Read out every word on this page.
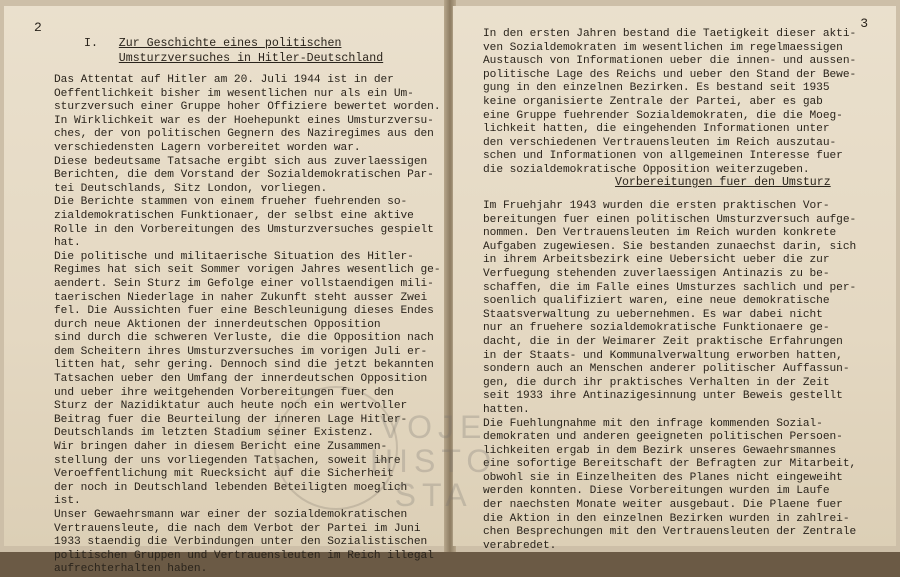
2
I. Zur Geschichte eines politischen
Umsturzversuches in Hitler-Deutschland
Das Attentat auf Hitler am 20. Juli 1944 ist in der
Oeffentlichkeit bisher im wesentlichen nur als ein Um-
sturzversuch einer Gruppe hoher Offiziere bewertet worden.
In Wirklichkeit war es der Hoehepunkt eines Umsturzversu-
ches, der von politischen Gegnern des Naziregimes aus den
verschiedensten Lagern vorbereitet worden war.
Diese bedeutsame Tatsache ergibt sich aus zuverlaessigen
Berichten, die dem Vorstand der Sozialdemokratischen Par-
tei Deutschlands, Sitz London, vorliegen.
Die Berichte stammen von einem frueher fuehrenden so-
zialdemokratischen Funktionaer, der selbst eine aktive
Rolle in den Vorbereitungen des Umsturzversuches gespielt
hat.
Die politische und militaerische Situation des Hitler-
Regimes hat sich seit Sommer vorigen Jahres wesentlich ge-
aendert. Sein Sturz im Gefolge einer vollstaendigen mili-
taerischen Niederlage in naher Zukunft steht ausser Zwei
fel. Die Aussichten fuer eine Beschleunigung dieses Endes
durch neue Aktionen der innerdeutschen Opposition
sind durch die schweren Verluste, die die Opposition nach
dem Scheitern ihres Umsturzversuches im vorigen Juli er-
litten hat, sehr gering. Dennoch sind die jetzt bekannten
Tatsachen ueber den Umfang der innerdeutschen Opposition
und ueber ihre weitgehenden Vorbereitungen fuer den
Sturz der Nazidiktatur auch heute noch ein wertvoller
Beitrag fuer die Beurteilung der inneren Lage Hitler-
Deutschlands im letzten Stadium seiner Existenz.
Wir bringen daher in diesem Bericht eine Zusammen-
stellung der uns vorliegenden Tatsachen, soweit ihre
Veroeffentlichung mit Ruecksicht auf die Sicherheit
der noch in Deutschland lebenden Beteiligten moeglich
ist.
Unser Gewaehrsmann war einer der sozialdemokratischen
Vertrauensleute, die nach dem Verbot der Partei im Juni
1933 staendig die Verbindungen unter den Sozialistischen
politischen Gruppen und Vertrauensleuten im Reich illegal
aufrechterhalten haben.
3
In den ersten Jahren bestand die Taetigkeit dieser akti-
ven Sozialdemokraten im wesentlichen im regelmaessigen
Austausch von Informationen ueber die innen- und aussen-
politische Lage des Reichs und ueber den Stand der Bewe-
gung in den einzelnen Bezirken. Es bestand seit 1935
keine organisierte Zentrale der Partei, aber es gab
eine Gruppe fuehrender Sozialdemokraten, die die Moeg-
lichkeit hatten, die eingehenden Informationen unter
den verschiedenen Vertrauensleuten im Reich auszutau-
schen und Informationen von allgemeinen Interesse fuer
die sozialdemokratische Opposition weiterzugeben.
Vorbereitungen fuer den Umsturz
Im Fruehjahr 1943 wurden die ersten praktischen Vor-
bereitungen fuer einen politischen Umsturzversuch aufge-
nommen. Den Vertrauensleuten im Reich wurden konkrete
Aufgaben zugewiesen. Sie bestanden zunaechst darin, sich
in ihrem Arbeitsbezirk eine Uebersicht ueber die zur
Verfuegung stehenden zuverlaessigen Antinazis zu be-
schaffen, die im Falle eines Umsturzes sachlich und per-
soenlich qualifiziert waren, eine neue demokratische
Staatsverwaltung zu uebernehmen. Es war dabei nicht
nur an fruehere sozialdemokratische Funktionaere ge-
dacht, die in der Weimarer Zeit praktische Erfahrungen
in der Staats- und Kommunalverwaltung erworben hatten,
sondern auch an Menschen anderer politischer Auffassun-
gen, die durch ihr praktisches Verhalten in der Zeit
seit 1933 ihre Antinazigesinnung unter Beweis gestellt
hatten.
Die Fuehlungnahme mit den infrage kommenden Sozial-
demokraten und anderen geeigneten politischen Persoen-
lichkeiten ergab in dem Bezirk unseres Gewaehrsmannes
eine sofortige Bereitschaft der Befragten zur Mitarbeit,
obwohl sie in Einzelheiten des Planes nicht eingeweiht
werden konnten. Diese Vorbereitungen wurden im Laufe
der naechsten Monate weiter ausgebaut. Die Plaene fuer
die Aktion in den einzelnen Bezirken wurden in zahlrei-
chen Besprechungen mit den Vertrauensleuten der Zentrale
verabredet.
VOJE
HISTO
STA
